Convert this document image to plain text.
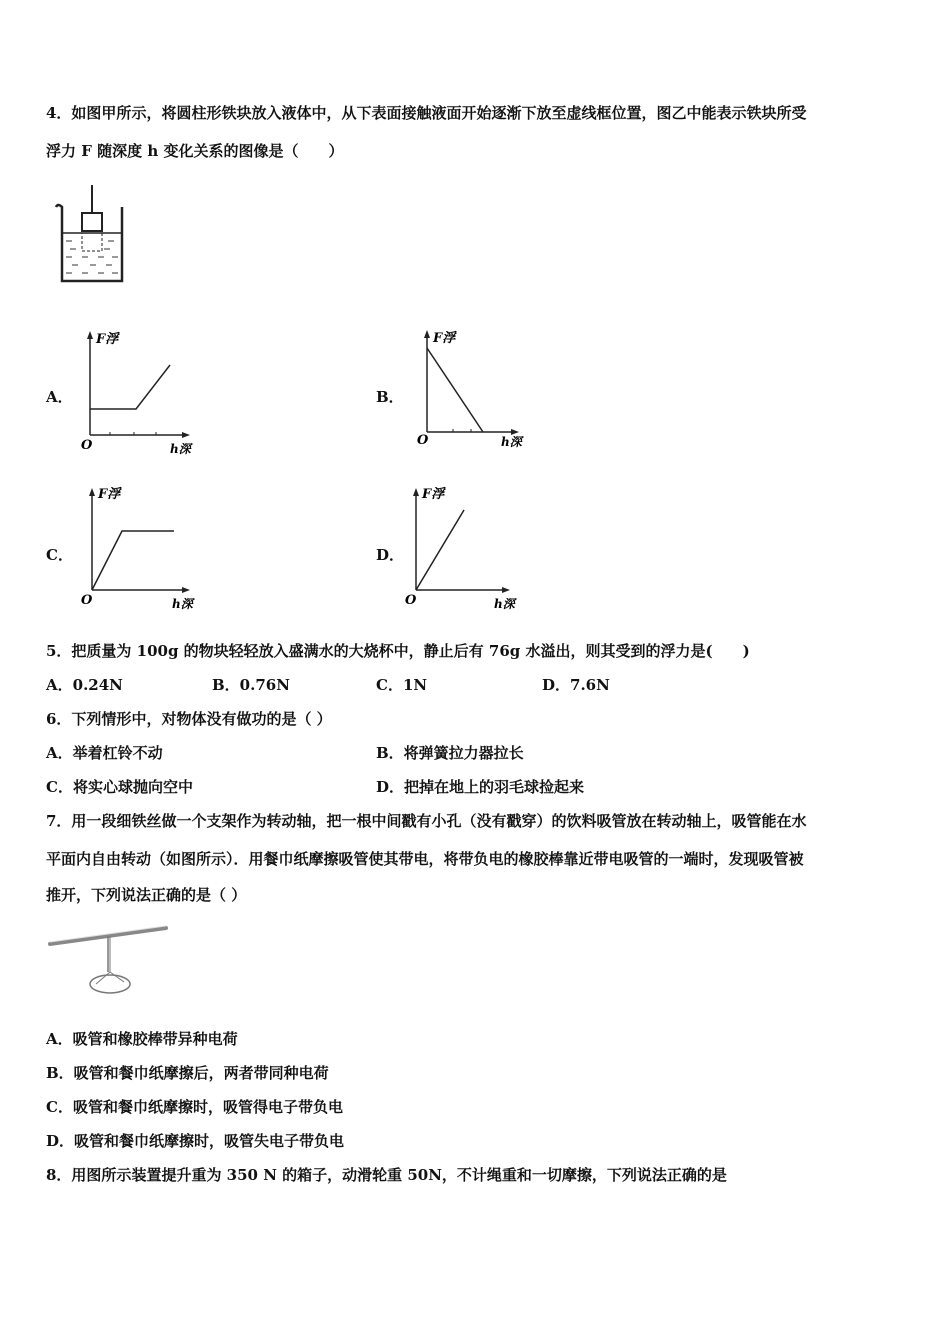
4．如图甲所示，将圆柱形铁块放入液体中，从下表面接触液面开始逐渐下放至虚线框位置，图乙中能表示铁块所受
浮力 F 随深度 h 变化关系的图像是（　　）
A．
F浮
O	h深
B．
F浮
O	h深
C．
F浮
O	h深
D．
F浮
O	h深
5．把质量为 100g 的物块轻轻放入盛满水的大烧杯中，静止后有 76g 水溢出，则其受到的浮力是(　　)
A．0.24N	B．0.76N	C．1N	D．7.6N
6．下列情形中，对物体没有做功的是（ ）
A．举着杠铃不动	B．将弹簧拉力器拉长
C．将实心球抛向空中	D．把掉在地上的羽毛球捡起来
7．用一段细铁丝做一个支架作为转动轴，把一根中间戳有小孔（没有戳穿）的饮料吸管放在转动轴上，吸管能在水
平面内自由转动（如图所示）．用餐巾纸摩擦吸管使其带电，将带负电的橡胶棒靠近带电吸管的一端时，发现吸管被
推开，下列说法正确的是（ ）
A．吸管和橡胶棒带异种电荷
B．吸管和餐巾纸摩擦后，两者带同种电荷
C．吸管和餐巾纸摩擦时，吸管得电子带负电
D．吸管和餐巾纸摩擦时，吸管失电子带负电
8．用图所示装置提升重为 350 N 的箱子，动滑轮重 50N，不计绳重和一切摩擦，下列说法正确的是
